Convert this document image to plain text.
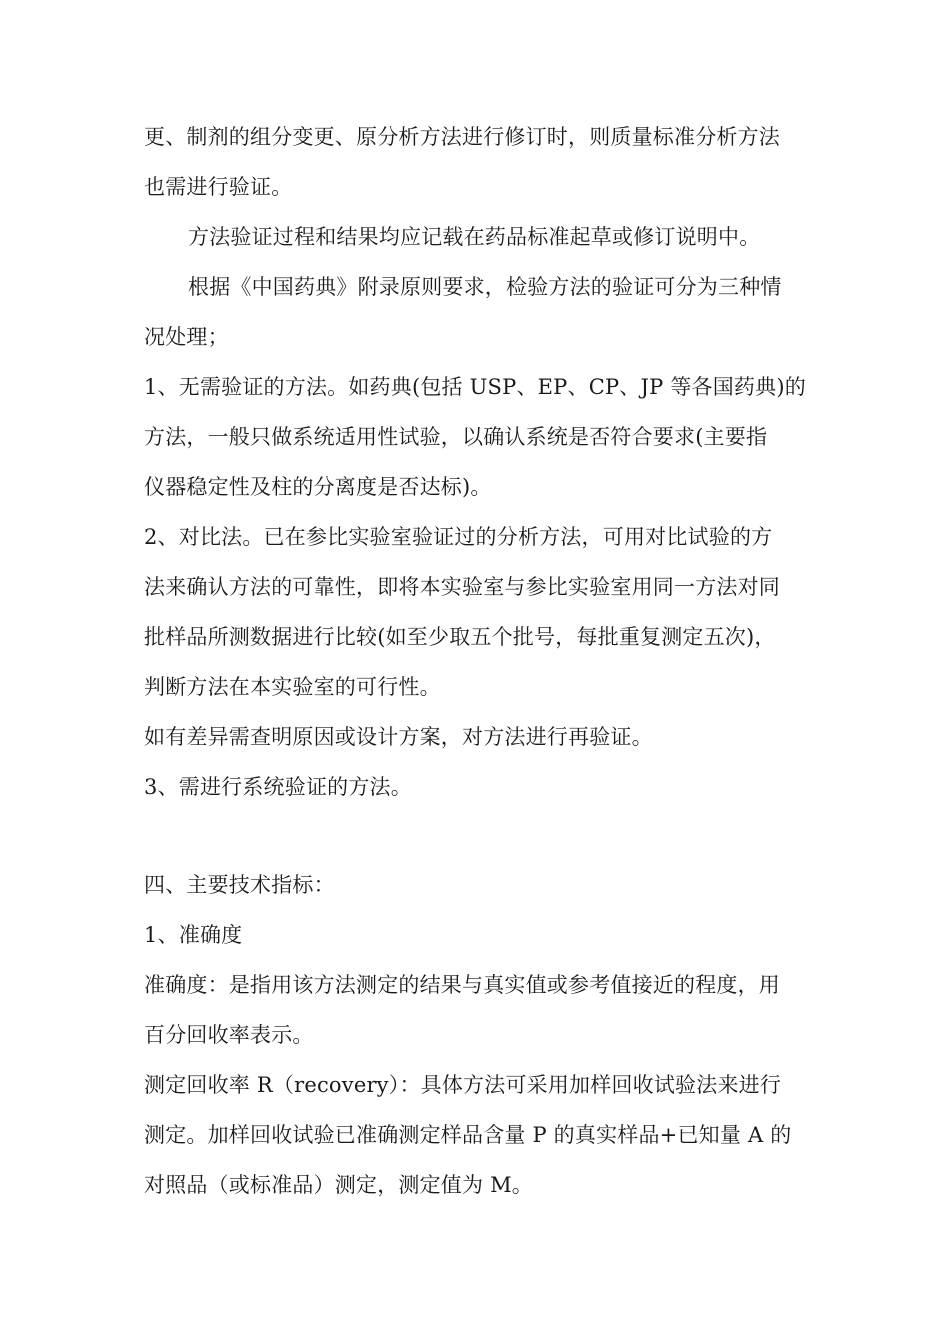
更、制剂的组分变更、原分析方法进行修订时，则质量标准分析方法
也需进行验证。
方法验证过程和结果均应记载在药品标准起草或修订说明中。
根据《中国药典》附录原则要求，检验方法的验证可分为三种情
况处理；
1、无需验证的方法。如药典(包括 USP、EP、CP、JP 等各国药典)的
方法，一般只做系统适用性试验，以确认系统是否符合要求(主要指
仪器稳定性及柱的分离度是否达标)。
2、对比法。已在参比实验室验证过的分析方法，可用对比试验的方
法来确认方法的可靠性，即将本实验室与参比实验室用同一方法对同
批样品所测数据进行比较(如至少取五个批号，每批重复测定五次)，
判断方法在本实验室的可行性。
如有差异需查明原因或设计方案，对方法进行再验证。
3、需进行系统验证的方法。
四、主要技术指标：
1、准确度
准确度：是指用该方法测定的结果与真实值或参考值接近的程度，用
百分回收率表示。
测定回收率 R（recovery）：具体方法可采用加样回收试验法来进行
测定。加样回收试验已准确测定样品含量 P 的真实样品+已知量 A 的
对照品（或标准品）测定，测定值为 M。
